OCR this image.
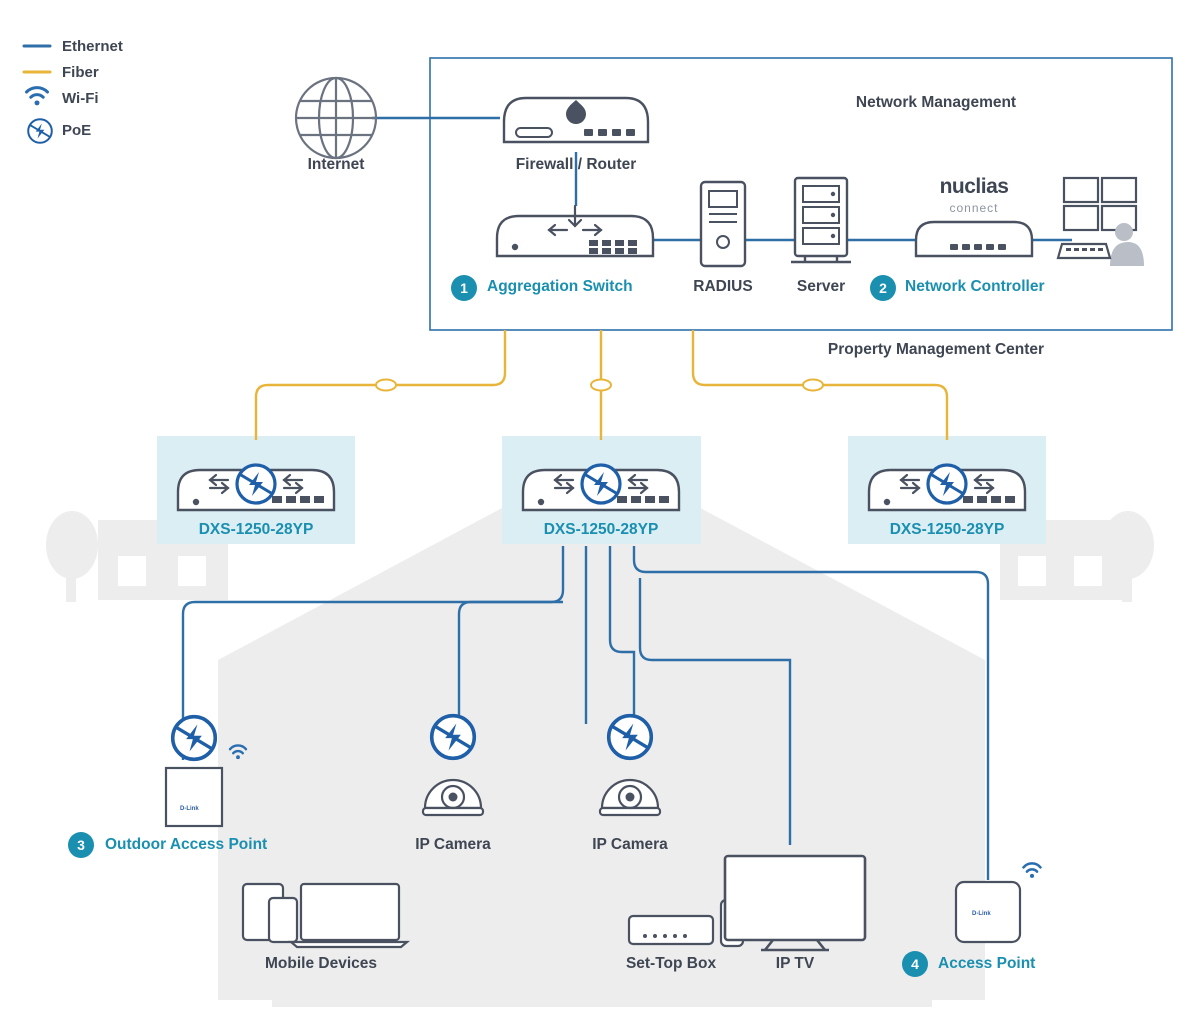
Ethernet
Fiber
Wi-Fi
PoE
Network Management
Property Management Center
nuclias
connect
Internet	Firewall / Router
Aggregation Switch	RADIUS	Server	Network Controller
DXS-1250-28YP	DXS-1250-28YP	DXS-1250-28YP
Outdoor Access Point	IP Camera	IP Camera
Mobile Devices	Set-Top Box	IP TV	Access Point
1	2
3
4
D-Link
D-Link
